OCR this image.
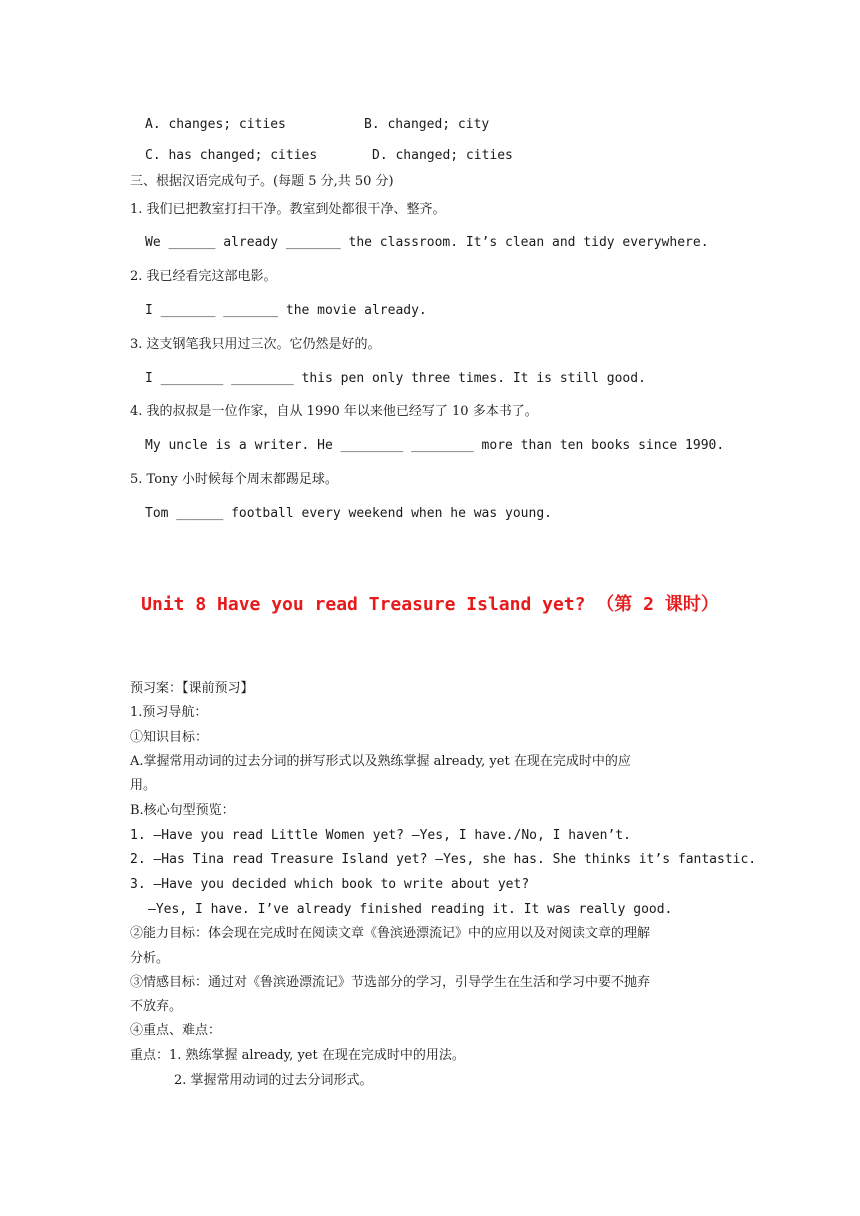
A. changes; cities	B. changed; city

C. has changed; cities	D. changed; cities

三、根据汉语完成句子。(每题 5 分,共 50 分)

1. 我们已把教室打扫干净。教室到处都很干净、整齐。

We ______ already _______ the classroom. It’s clean and tidy everywhere.

2. 我已经看完这部电影。

I _______ _______ the movie already.

3. 这支钢笔我只用过三次。它仍然是好的。

I ________ ________ this pen only three times. It is still good.

4. 我的叔叔是一位作家，自从 1990 年以来他已经写了 10 多本书了。

My uncle is a writer. He ________ ________ more than ten books since 1990.

5. Tony 小时候每个周末都踢足球。

Tom ______ football every weekend when he was young.

Unit 8 Have you read Treasure Island yet? （第 2 课时）

预习案：【课前预习】

1.预习导航：

①知识目标：

A.掌握常用动词的过去分词的拼写形式以及熟练掌握 already, yet 在现在完成时中的应

用。

B.核心句型预览：

1. —Have you read Little Women yet? —Yes, I have./No, I haven’t.

2. —Has Tina read Treasure Island yet? —Yes, she has. She thinks it’s fantastic.

3. —Have you decided which book to write about yet?

—Yes, I have. I’ve already finished reading it. It was really good.

②能力目标：体会现在完成时在阅读文章《鲁滨逊漂流记》中的应用以及对阅读文章的理解

分析。

③情感目标：通过对《鲁滨逊漂流记》节选部分的学习，引导学生在生活和学习中要不抛弃

不放弃。

④重点、难点：

重点：1. 熟练掌握 already, yet 在现在完成时中的用法。

2. 掌握常用动词的过去分词形式。
